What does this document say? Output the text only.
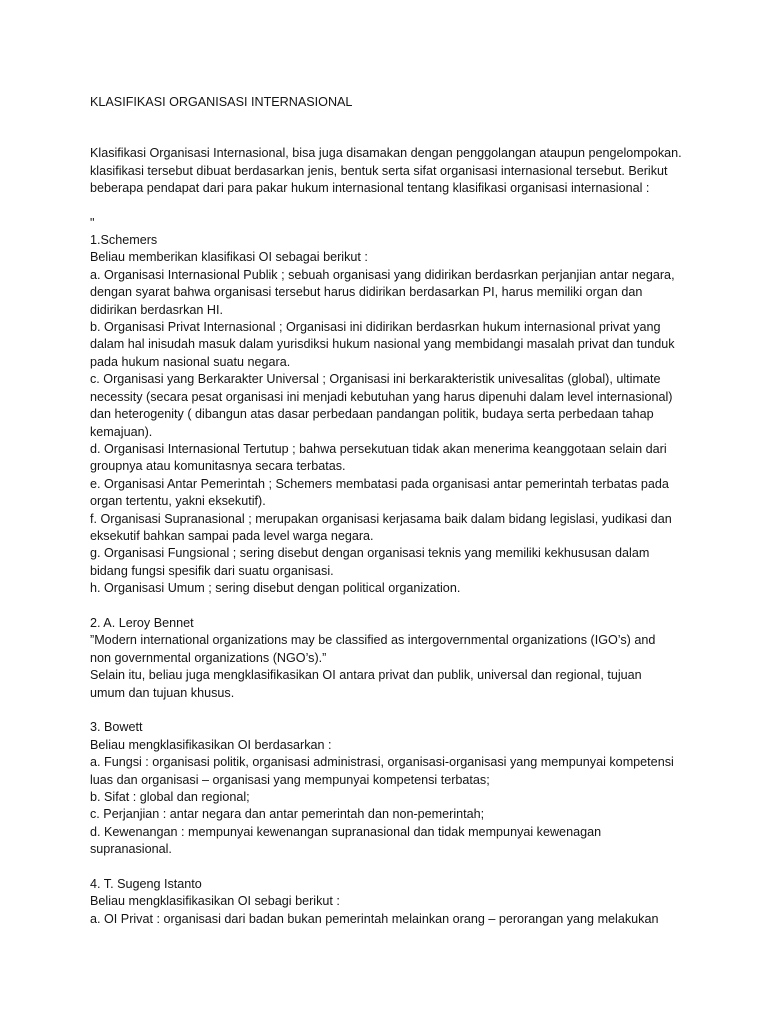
KLASIFIKASI ORGANISASI INTERNASIONAL

Klasifikasi Organisasi Internasional, bisa juga disamakan dengan penggolangan ataupun pengelompokan.
klasifikasi tersebut dibuat berdasarkan jenis, bentuk serta sifat organisasi internasional tersebut. Berikut
beberapa pendapat dari para pakar hukum internasional tentang klasifikasi organisasi internasional :

"

1.Schemers

Beliau memberikan klasifikasi OI sebagai berikut :

a. Organisasi Internasional Publik ; sebuah organisasi yang didirikan berdasrkan perjanjian antar negara,
dengan syarat bahwa organisasi tersebut harus didirikan berdasarkan PI, harus memiliki organ dan
didirikan berdasrkan HI.

b. Organisasi Privat Internasional ; Organisasi ini didirikan berdasrkan hukum internasional privat yang
dalam hal inisudah masuk dalam yurisdiksi hukum nasional yang membidangi masalah privat dan tunduk
pada hukum nasional suatu negara.

c. Organisasi yang Berkarakter Universal ; Organisasi ini berkarakteristik univesalitas (global), ultimate
necessity (secara pesat organisasi ini menjadi kebutuhan yang harus dipenuhi dalam level internasional)
dan heterogenity ( dibangun atas dasar perbedaan pandangan politik, budaya serta perbedaan tahap
kemajuan).

d. Organisasi Internasional Tertutup ; bahwa persekutuan tidak akan menerima keanggotaan selain dari
groupnya atau komunitasnya secara terbatas.

e. Organisasi Antar Pemerintah ; Schemers membatasi pada organisasi antar pemerintah terbatas pada
organ tertentu, yakni eksekutif).

f. Organisasi Supranasional ; merupakan organisasi kerjasama baik dalam bidang legislasi, yudikasi dan
eksekutif bahkan sampai pada level warga negara.

g. Organisasi Fungsional ; sering disebut dengan organisasi teknis yang memiliki kekhususan dalam
bidang fungsi spesifik dari suatu organisasi.

h. Organisasi Umum ; sering disebut dengan political organization.

2. A. Leroy Bennet

”Modern international organizations may be classified as intergovernmental organizations (IGO’s) and
non governmental organizations (NGO’s).”

Selain itu, beliau juga mengklasifikasikan OI antara privat dan publik, universal dan regional, tujuan
umum dan tujuan khusus.

3. Bowett

Beliau mengklasifikasikan OI berdasarkan :

a. Fungsi : organisasi politik, organisasi administrasi, organisasi-organisasi yang mempunyai kompetensi
luas dan organisasi – organisasi yang mempunyai kompetensi terbatas;

b. Sifat : global dan regional;

c. Perjanjian : antar negara dan antar pemerintah dan non-pemerintah;

d. Kewenangan : mempunyai kewenangan supranasional dan tidak mempunyai kewenagan
supranasional.

4. T. Sugeng Istanto

Beliau mengklasifikasikan OI sebagi berikut :

a. OI Privat : organisasi dari badan bukan pemerintah melainkan orang – perorangan yang melakukan
